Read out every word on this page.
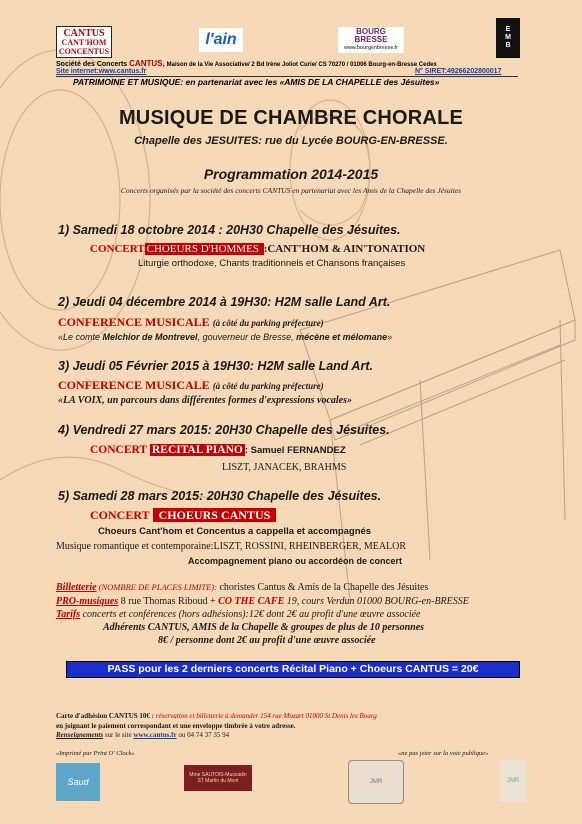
CANTUS
CANT'HOM
CONCENTUS
l'ain	BOURG
BRESSE
www.bourgenbresse.fr
E
M
B
Société des Concerts CANTUS, Maison de la Vie Associative/ 2 Bd Irène Joliot Curie/ CS 70270 / 01006 Bourg-en-Bresse Cedex
Site internet:www.cantus.fr	N° SIRET:49266202800017
PATRIMOINE ET MUSIQUE: en partenariat avec les «AMIS DE LA CHAPELLE des Jésuites»
MUSIQUE DE CHAMBRE CHORALE
Chapelle des JESUITES: rue du Lycée BOURG-EN-BRESSE.
Programmation 2014-2015
Concerts organisés par la société des concerts CANTUS en partenariat avec les Amis de la Chapelle des Jésuites
1) Samedi 18 octobre 2014 : 20H30 Chapelle des Jésuites.
CONCERT CHOEURS D'HOMMES :CANT'HOM & AIN'TONATION
Liturgie orthodoxe, Chants traditionnels et Chansons françaises
2) Jeudi 04 décembre 2014 à 19H30: H2M salle Land Art.
CONFERENCE MUSICALE (à côté du parking préfecture)
«Le comte Melchior de Montrevel, gouverneur de Bresse, mécène et mélomane»
3) Jeudi 05 Février 2015 à 19H30: H2M salle Land Art.
CONFERENCE MUSICALE (à côté du parking préfecture)
«LA VOIX, un parcours dans différentes formes d'expressions vocales»
4) Vendredi 27 mars 2015: 20H30 Chapelle des Jésuites.
CONCERT RECITAL PIANO : Samuel FERNANDEZ
LISZT, JANACEK, BRAHMS
5) Samedi 28 mars 2015: 20H30 Chapelle des Jésuites.
CONCERT CHOEURS CANTUS
Choeurs Cant'hom et Concentus a cappella et accompagnés
Musique romantique et contemporaine:LISZT, ROSSINI, RHEINBERGER, MEALOR
Accompagnement piano ou accordéon de concert
Billetterie (NOMBRE DE PLACES LIMITE): choristes Cantus & Amis de la Chapelle des Jésuites
PRO-musiques 8 rue Thomas Riboud + CO THE CAFE 19, cours Verdun 01000 BOURG-en-BRESSE
Tarifs concerts et conférences (hors adhésions):12€ dont 2€ au profit d'une œuvre associée
Adhérents CANTUS, AMIS de la Chapelle & groupes de plus de 10 personnes
8€ / personne dont 2€ au profit d'une œuvre associée
PASS pour les 2 derniers concerts Récital Piano + Choeurs CANTUS = 20€
Carte d'adhésion CANTUS 10€ : réservation et billetterie à demander 154 rue Mozart 01000 St Denis les Bourg
en joignant le paiement correspondant et une enveloppe timbrée à votre adresse.
Renseignements sur le site www.cantus.fr ou 04 74 37 35 94
«Imprimé par Print O' Clock»	«ne pas jeter sur la voie publique»
Saud
Mme SAUTOIS-Muscadin
ST Martin du Mont	JMR	JMR
